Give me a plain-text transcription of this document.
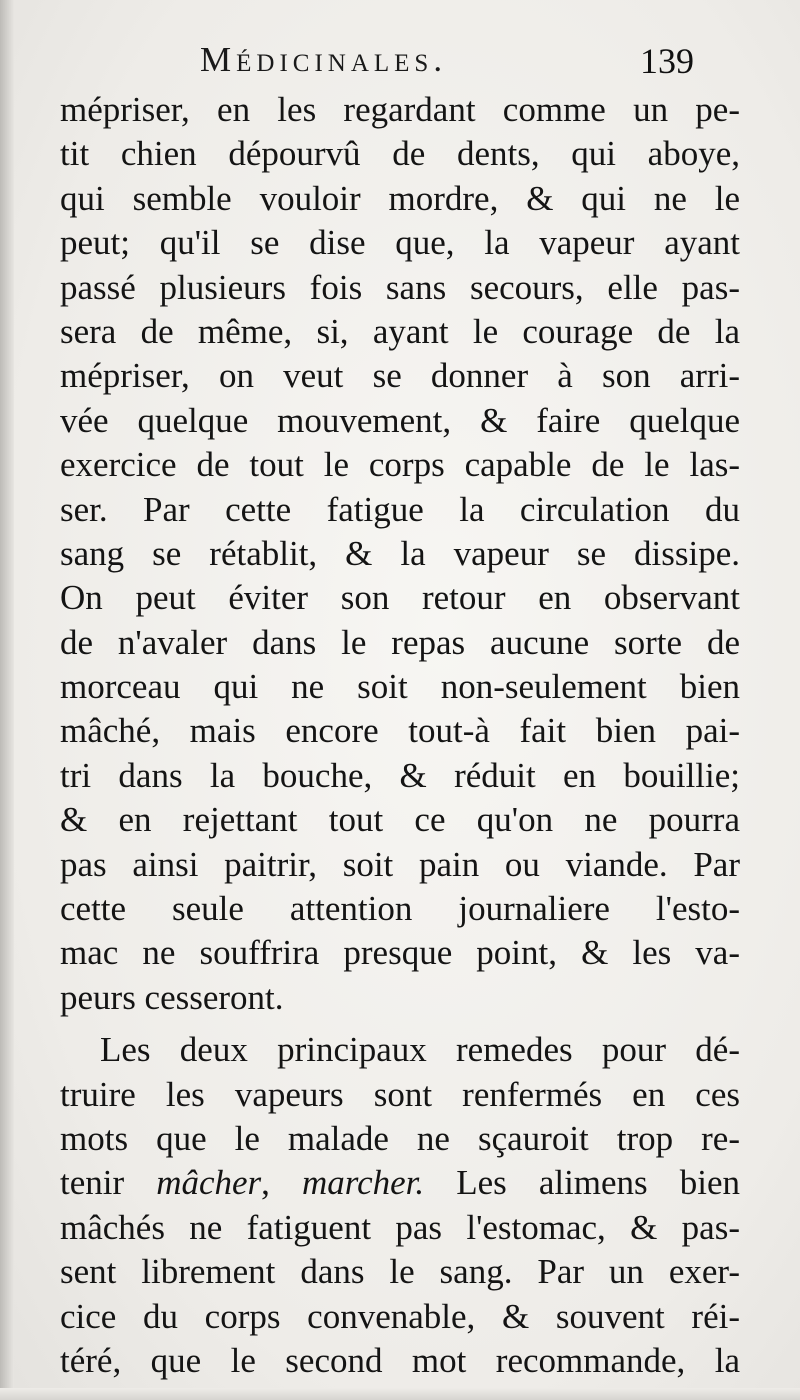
Médicinales.	139
mépriser, en les regardant comme un pe-
tit chien dépourvû de dents, qui aboye,
qui semble vouloir mordre, & qui ne le
peut; qu'il se dise que, la vapeur ayant
passé plusieurs fois sans secours, elle pas-
sera de même, si, ayant le courage de la
mépriser, on veut se donner à son arri-
vée quelque mouvement, & faire quelque
exercice de tout le corps capable de le las-
ser. Par cette fatigue la circulation du
sang se rétablit, & la vapeur se dissipe.
On peut éviter son retour en observant
de n'avaler dans le repas aucune sorte de
morceau qui ne soit non-seulement bien
mâché, mais encore tout-à fait bien pai-
tri dans la bouche, & réduit en bouillie;
& en rejettant tout ce qu'on ne pourra
pas ainsi paitrir, soit pain ou viande. Par
cette seule attention journaliere l'esto-
mac ne souffrira presque point, & les va-
peurs cesseront.
Les deux principaux remedes pour dé-
truire les vapeurs sont renfermés en ces
mots que le malade ne sçauroit trop re-
tenir mâcher, marcher. Les alimens bien
mâchés ne fatiguent pas l'estomac, & pas-
sent librement dans le sang. Par un exer-
cice du corps convenable, & souvent réi-
téré, que le second mot recommande, la
